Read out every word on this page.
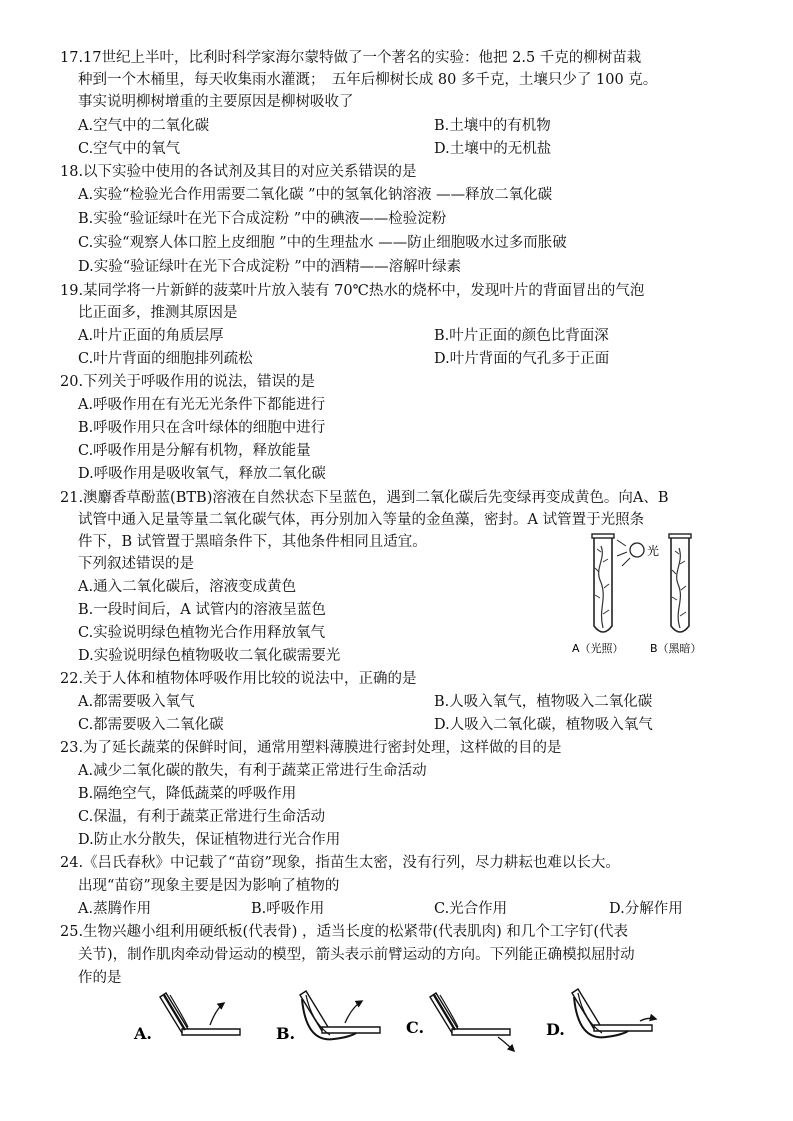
17.17世纪上半叶，比利时科学家海尔蒙特做了一个著名的实验：他把 2.5 千克的柳树苗栽
种到一个木桶里，每天收集雨水灌溉；　五年后柳树长成 80 多千克，土壤只少了 100 克。
事实说明柳树增重的主要原因是柳树吸收了
A.空气中的二氧化碳	B.土壤中的有机物
C.空气中的氧气	D.土壤中的无机盐
18.以下实验中使用的各试剂及其目的对应关系错误的是
A.实验“检验光合作用需要二氧化碳 ”中的氢氧化钠溶液 ——释放二氧化碳
B.实验“验证绿叶在光下合成淀粉 ”中的碘液——检验淀粉
C.实验“观察人体口腔上皮细胞 ”中的生理盐水 ——防止细胞吸水过多而胀破
D.实验“验证绿叶在光下合成淀粉 ”中的酒精——溶解叶绿素
19.某同学将一片新鲜的菠菜叶片放入装有 70℃热水的烧杯中，发现叶片的背面冒出的气泡
比正面多，推测其原因是
A.叶片正面的角质层厚	B.叶片正面的颜色比背面深
C.叶片背面的细胞排列疏松	D.叶片背面的气孔多于正面
20.下列关于呼吸作用的说法，错误的是
A.呼吸作用在有光无光条件下都能进行
B.呼吸作用只在含叶绿体的细胞中进行
C.呼吸作用是分解有机物，释放能量
D.呼吸作用是吸收氧气，释放二氧化碳
21.澳麝香草酚蓝(BTB)溶液在自然状态下呈蓝色，遇到二氧化碳后先变绿再变成黄色。向A、B
试管中通入足量等量二氧化碳气体，再分别加入等量的金鱼藻，密封。A 试管置于光照条
件下，B 试管置于黑暗条件下，其他条件相同且适宜。
下列叙述错误的是
A.通入二氧化碳后，溶液变成黄色
B.一段时间后，A 试管内的溶液呈蓝色
C.实验说明绿色植物光合作用释放氧气
D.实验说明绿色植物吸收二氧化碳需要光
光
A（光照） B（黑暗）
22.关于人体和植物体呼吸作用比较的说法中，正确的是
A.都需要吸入氧气	B.人吸入氧气，植物吸入二氧化碳
C.都需要吸入二氧化碳	D.人吸入二氧化碳，植物吸入氧气
23.为了延长蔬菜的保鲜时间，通常用塑料薄膜进行密封处理，这样做的目的是
A.减少二氧化碳的散失，有利于蔬菜正常进行生命活动
B.隔绝空气，降低蔬菜的呼吸作用
C.保温，有利于蔬菜正常进行生命活动
D.防止水分散失，保证植物进行光合作用
24.《吕氏春秋》中记载了“苗窃”现象，指苗生太密，没有行列，尽力耕耘也难以长大。
出现“苗窃”现象主要是因为影响了植物的
A.蒸腾作用	B.呼吸作用	C.光合作用	D.分解作用
25.生物兴趣小组利用硬纸板(代表骨) ，适当长度的松紧带(代表肌肉) 和几个工字钉(代表
关节)，制作肌肉牵动骨运动的模型，箭头表示前臂运动的方向。下列能正确模拟屈肘动
作的是
A.	B.	C.	D.
